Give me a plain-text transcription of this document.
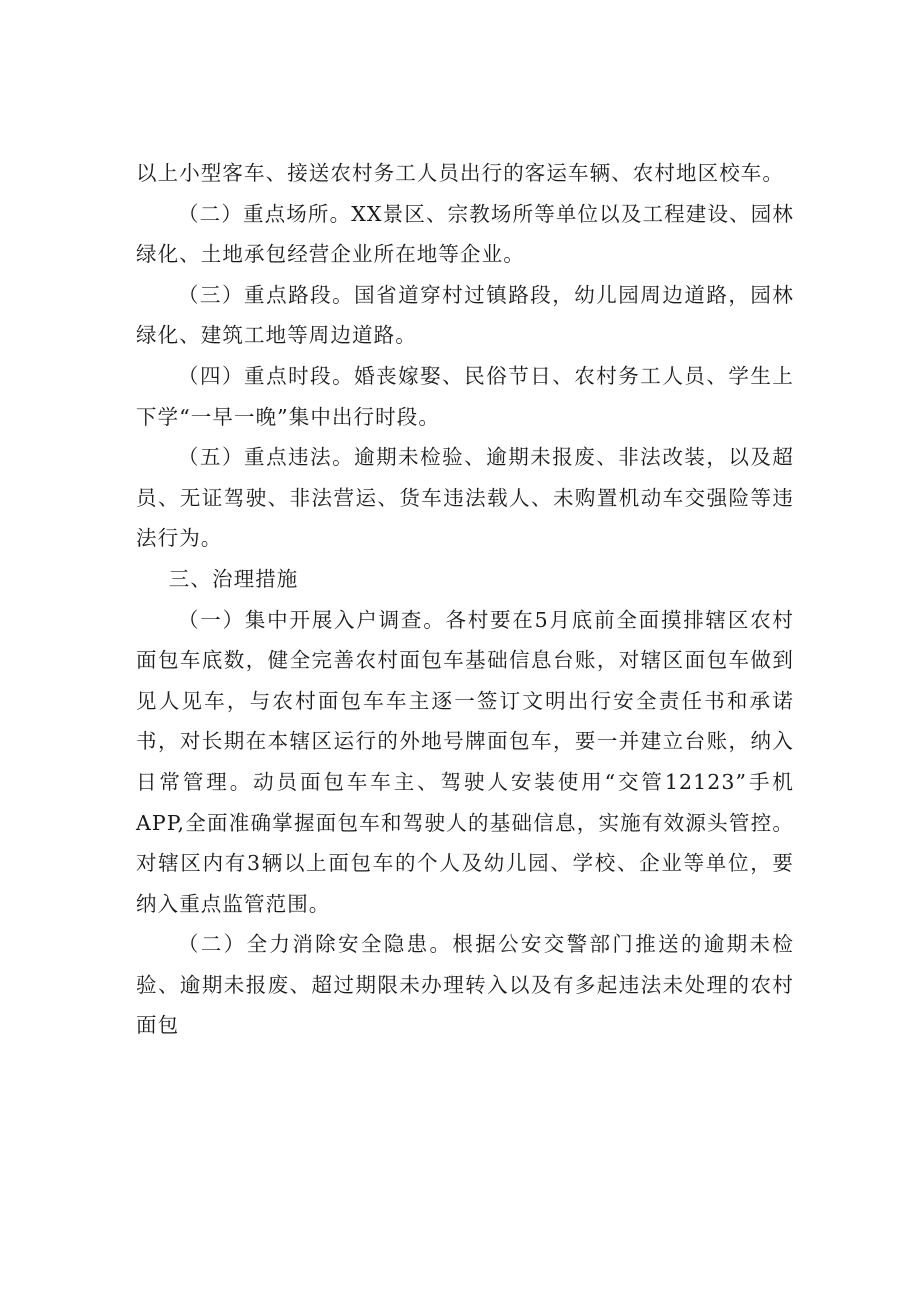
以上小型客车、接送农村务工人员出行的客运车辆、农村地区校车。

（二）重点场所。XX景区、宗教场所等单位以及工程建设、园林绿化、土地承包经营企业所在地等企业。

（三）重点路段。国省道穿村过镇路段，幼儿园周边道路，园林绿化、建筑工地等周边道路。

（四）重点时段。婚丧嫁娶、民俗节日、农村务工人员、学生上下学“一早一晚”集中出行时段。

（五）重点违法。逾期未检验、逾期未报废、非法改装，以及超员、无证驾驶、非法营运、货车违法载人、未购置机动车交强险等违法行为。

三、治理措施

（一）集中开展入户调查。各村要在5月底前全面摸排辖区农村面包车底数，健全完善农村面包车基础信息台账，对辖区面包车做到见人见车，与农村面包车车主逐一签订文明出行安全责任书和承诺书，对长期在本辖区运行的外地号牌面包车，要一并建立台账，纳入日常管理。动员面包车车主、驾驶人安装使用“交管12123”手机APP,全面准确掌握面包车和驾驶人的基础信息，实施有效源头管控。对辖区内有3辆以上面包车的个人及幼儿园、学校、企业等单位，要纳入重点监管范围。

（二）全力消除安全隐患。根据公安交警部门推送的逾期未检验、逾期未报废、超过期限未办理转入以及有多起违法未处理的农村面包
